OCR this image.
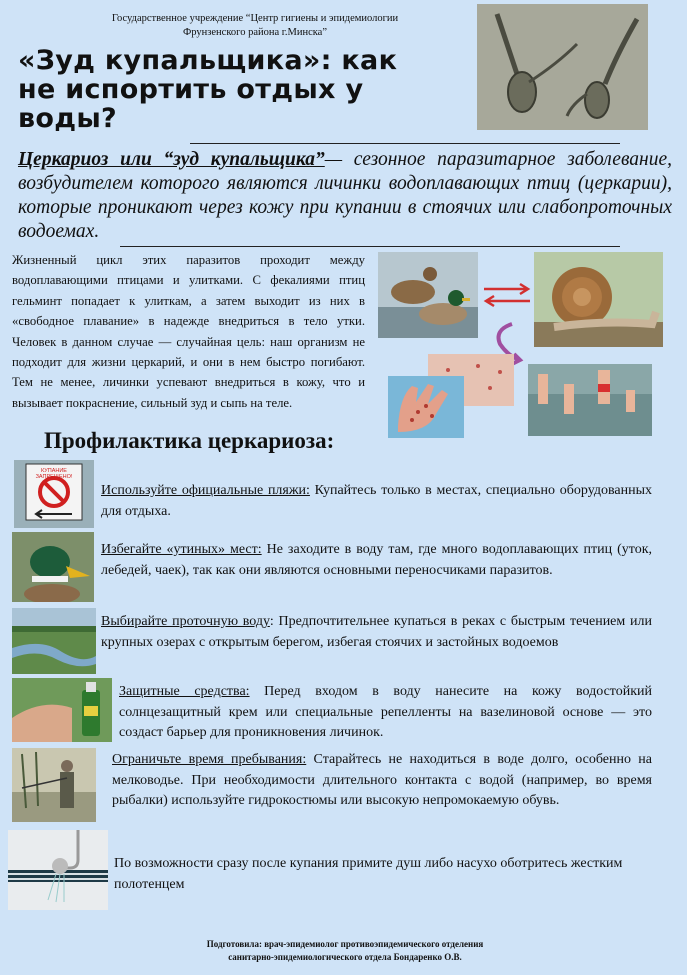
Государственное учреждение “Центр гигиены и эпидемиологии
Фрунзенского района г.Минска”
«Зуд купальщика»: как
не испортить отдых у
воды?
Церкариоз или “зуд купальщика”— сезонное паразитарное заболевание, возбудителем которого являются личинки водоплавающих птиц (церкарии), которые проникают через кожу при купании в стоячих или слабопроточных водоемах.
Жизненный цикл этих паразитов проходит между водоплавающими птицами и улитками. С фекалиями птиц гельминт попадает к улиткам, а затем выходит из них в «свободное плавание» в надежде внедриться в тело утки. Человек в данном случае — случайная цель: наш организм не подходит для жизни церкарий, и они в нем быстро погибают. Тем не менее, личинки успевают внедриться в кожу, что и вызывает покраснение, сильный зуд и сыпь на теле.
Профилактика церкариоза:
КУПАНИЕ
ЗАПРЕЩЕНО!
Используйте официальные пляжи: Купайтесь только в местах, специально оборудованных для отдыха.
Избегайте «утиных» мест: Не заходите в воду там, где много водоплавающих птиц (уток, лебедей, чаек), так как они являются основными переносчиками паразитов.
Выбирайте проточную воду: Предпочтительнее купаться в реках с быстрым течением или крупных озерах с открытым берегом, избегая стоячих и застойных водоемов
Защитные средства: Перед входом в воду нанесите на кожу водостойкий солнцезащитный крем или специальные репелленты на вазелиновой основе — это создаст барьер для проникновения личинок.
Ограничьте время пребывания: Старайтесь не находиться в воде долго, особенно на мелководье. При необходимости длительного контакта с водой (например, во время рыбалки) используйте гидрокостюмы или высокую непромокаемую обувь.
По возможности сразу после купания примите душ либо насухо оботритесь жестким полотенцем
Подготовила: врач-эпидемиолог противоэпидемического отделения
санитарно-эпидемиологического отдела Бондаренко О.В.
